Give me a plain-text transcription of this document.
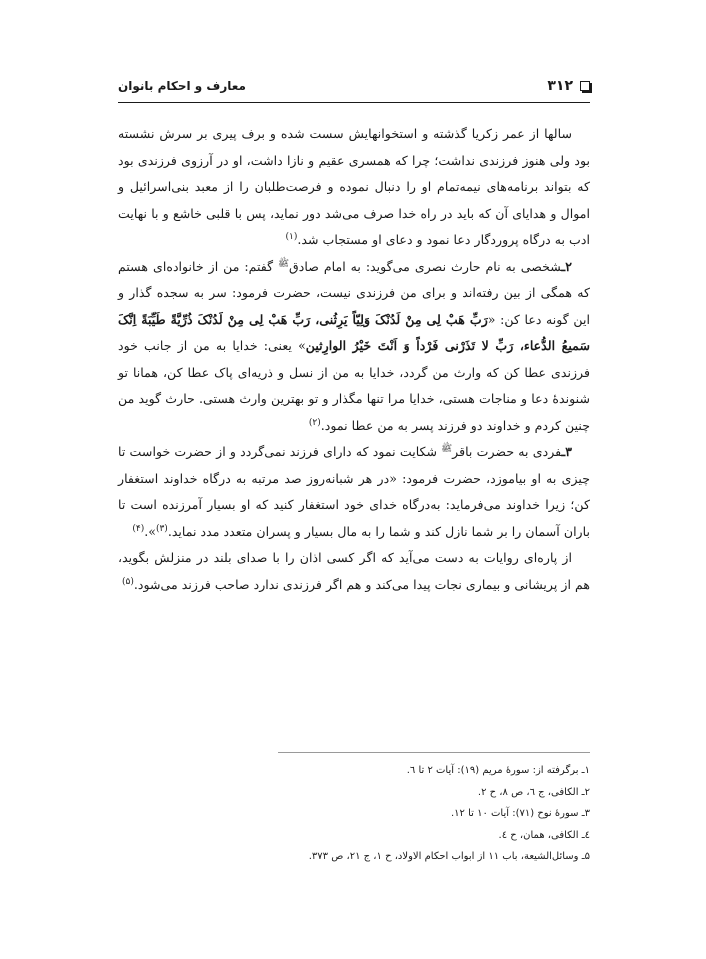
۳۱۲
معارف و احکام بانوان

سالها از عمر زکریا گذشته و استخوانهایش سست شده و برف پیری بر سرش نشسته بود ولی هنوز فرزندی نداشت؛ چرا که همسری عقیم و نازا داشت، او در آرزوی فرزندی بود که بتواند برنامه‌های نیمه‌تمام او را دنبال نموده و فرصت‌طلبان را از معبد بنی‌اسرائیل و اموال و هدایای آن که باید در راه خدا صرف می‌شد دور نماید، پس با قلبی خاشع و با نهایت ادب به درگاه پروردگار دعا نمود و دعای او مستجاب شد.$^{(۱)}$

۲ـشخصی به نام حارث نصری می‌گوید: به امام صادق$^ﷺ$ گفتم: من از خانواده‌ای هستم که همگی از بین رفته‌اند و برای من فرزندی نیست، حضرت فرمود: سر به سجده گذار و این گونه دعا کن: «رَبِّ هَبْ لِی مِنْ لَدُنْکَ وَلِیّاً یَرِثُنی، رَبِّ هَبْ لِی مِنْ لَدُنْکَ ذُرِّیَّةً طَیِّبَةً اِنَّکَ سَمیعُ الدُّعاء، رَبِّ لا تَذَرْنی فَرْداً وَ اَنْتَ خَیْرُ الوارِثین» یعنی: خدایا به من از جانب خود فرزندی عطا کن که وارث من گردد، خدایا به من از نسل و ذریه‌ای پاک عطا کن، همانا تو شنوندهٔ دعا و مناجات هستی، خدایا مرا تنها مگذار و تو بهترین وارث هستی. حارث گوید من چنین کردم و خداوند دو فرزند پسر به من عطا نمود.$^{(۲)}$

۳ـفردی به حضرت باقر$^ﷺ$ شکایت نمود که دارای فرزند نمی‌گردد و از حضرت خواست تا چیزی به او بیاموزد، حضرت فرمود: «در هر شبانه‌روز صد مرتبه به درگاه خداوند استغفار کن؛ زیرا خداوند می‌فرماید: به‌درگاه خدای خود استغفار کنید که او بسیار آمرزنده است تا باران آسمان را بر شما نازل کند و شما را به مال بسیار و پسران متعدد مدد نماید.$^{(۳)}$».$^{(۴)}$

از پاره‌ای روایات به دست می‌آید که اگر کسی اذان را با صدای بلند در منزلش بگوید، هم از پریشانی و بیماری نجات پیدا می‌کند و هم اگر فرزندی ندارد صاحب فرزند می‌شود.$^{(۵)}$

۱ـ برگرفته از: سورهٔ مریم (۱۹): آیات ۲ تا ٦.
۲ـ الکافی، ج ٦، ص ۸، ح ۲.
۳ـ سورهٔ نوح (۷۱): آیات ۱۰ تا ۱۲.
٤ـ الکافی، همان، ح ٤.
۵ـ وسائل‌الشیعة، باب ۱۱ از ابواب احکام الاولاد، ح ۱، ج ۲۱، ص ۳۷۳.
